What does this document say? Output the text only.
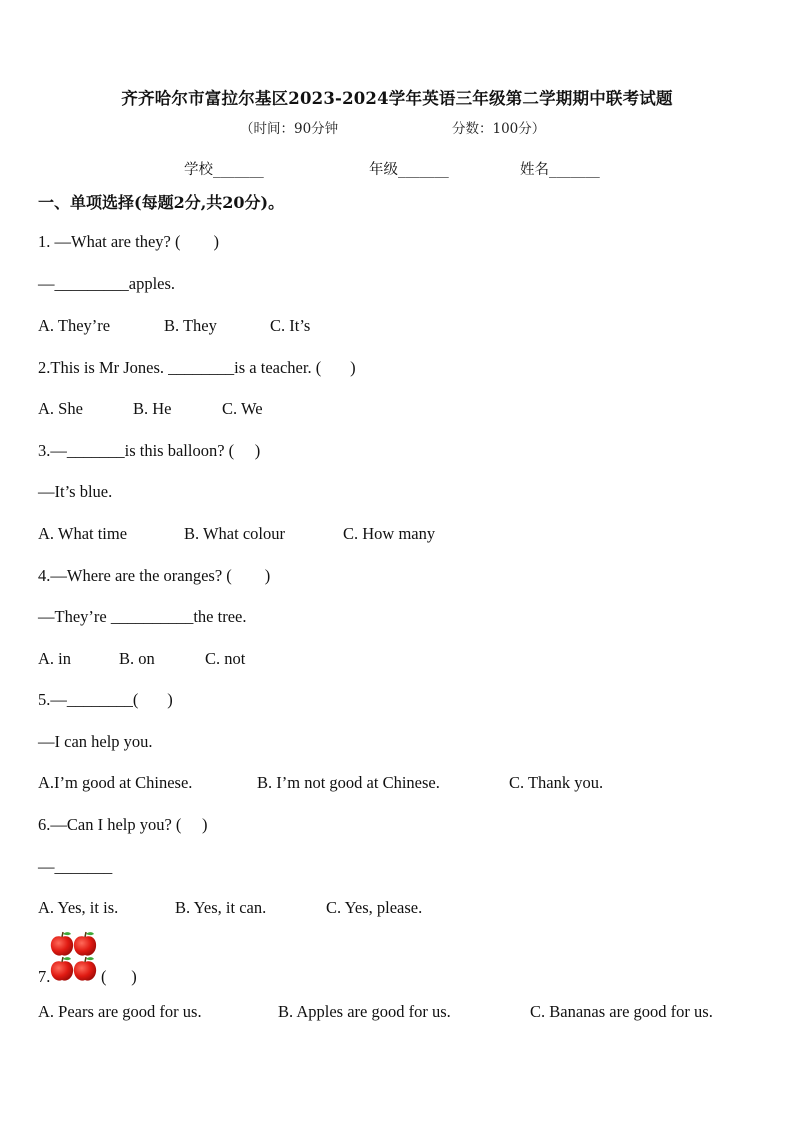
齐齐哈尔市富拉尔基区2023-2024学年英语三年级第二学期期中联考试题
（时间：90分钟	分数：100分）
学校_______	年级_______	姓名_______
一、单项选择(每题2分,共20分)。
1. —What are they? (        )
—_________apples.
A. They’re	B. They	C. It’s
2.This is Mr Jones. ________is a teacher. (       )
A. She	B. He	C. We
3.—_______is this balloon? (     )
—It’s blue.
A. What time	B. What colour	C. How many
4.—Where are the oranges? (        )
—They’re __________the tree.
A. in	B. on	C. not
5.—________(       )
—I can help you.
A.I’m good at Chinese.	B. I’m not good at Chinese.	C. Thank you.
6.—Can I help you? (     )
—_______
A. Yes, it is.	B. Yes, it can.	C. Yes, please.
7.	(      )
A. Pears are good for us.	B. Apples are good for us.	C. Bananas are good for us.
